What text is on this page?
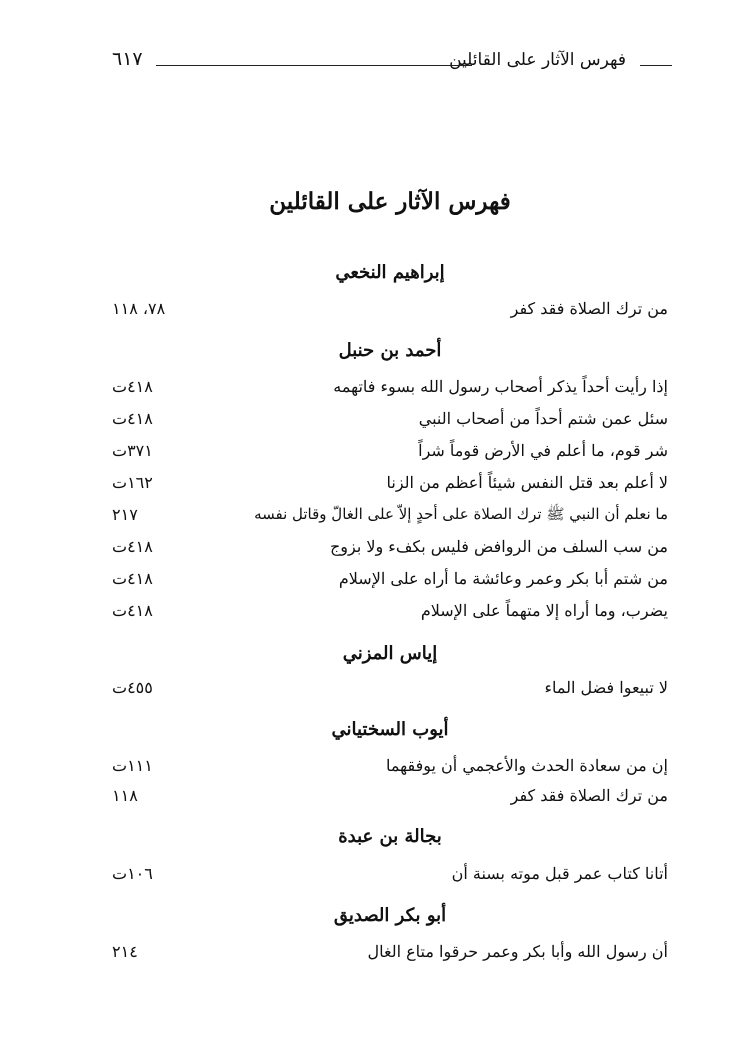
فهرس الآثار على القائلين
٦١٧
فهرس الآثار على القائلين
إبراهيم النخعي
من ترك الصلاة فقد كفر
٧٨، ١١٨
أحمد بن حنبل
إذا رأيت أحداً يذكر أصحاب رسول الله بسوء فاتهمه
٤١٨ت
سئل عمن شتم أحداً من أصحاب النبي
٤١٨ت
شر قوم، ما أعلم في الأرض قوماً شراً
٣٧١ت
لا أعلم بعد قتل النفس شيئاً أعظم من الزنا
١٦٢ت
ما نعلم أن النبي ﷺ ترك الصلاة على أحدٍ إلاّ على الغالّ وقاتل نفسه
٢١٧
من سب السلف من الروافض فليس بكفء ولا بزوج
٤١٨ت
من شتم أبا بكر وعمر وعائشة ما أراه على الإسلام
٤١٨ت
يضرب، وما أراه إلا متهماً على الإسلام
٤١٨ت
إياس المزني
لا تبيعوا فضل الماء
٤٥٥ت
أيوب السختياني
إن من سعادة الحدث والأعجمي أن يوفقهما
١١١ت
من ترك الصلاة فقد كفر
١١٨
بجالة بن عبدة
أتانا كتاب عمر قبل موته بسنة أن
١٠٦ت
أبو بكر الصديق
أن رسول الله وأبا بكر وعمر حرقوا متاع الغال
٢١٤
